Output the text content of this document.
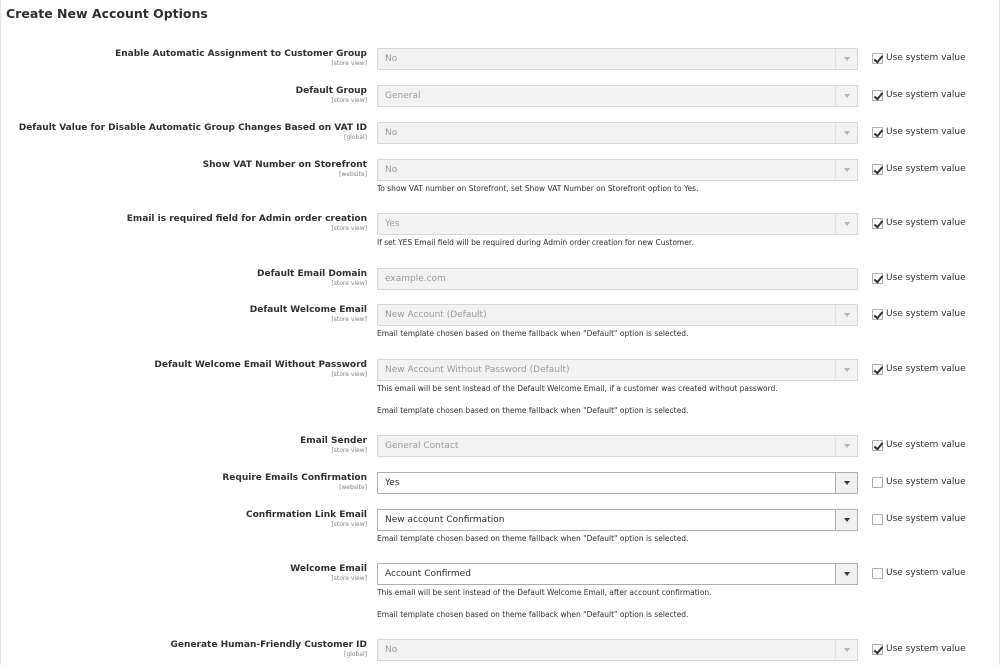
Create New Account Options
Enable Automatic Assignment to Customer Group
[store view] No	Use system value
Default Group
[store view] General	Use system value
Default Value for Disable Automatic Group Changes Based on VAT ID
[global] No	Use system value
Show VAT Number on Storefront
[website] No
To show VAT number on Storefront, set Show VAT Number on Storefront option to Yes.
Use system value
Email is required field for Admin order creation
[store view] Yes
If set YES Email field will be required during Admin order creation for new Customer.
Use system value
Default Email Domain
[store view] example.com	Use system value
Default Welcome Email
[store view] New Account (Default)
Email template chosen based on theme fallback when "Default" option is selected.
Use system value
Default Welcome Email Without Password
[store view] New Account Without Password (Default)
This email will be sent instead of the Default Welcome Email, if a customer was created without password.
Email template chosen based on theme fallback when "Default" option is selected.
Use system value
Email Sender
[store view] General Contact	Use system value
Require Emails Confirmation
[website] Yes	Use system value
Confirmation Link Email
[store view] New account Confirmation
Email template chosen based on theme fallback when "Default" option is selected.
Use system value
Welcome Email
[store view] Account Confirmed
This email will be sent instead of the Default Welcome Email, after account confirmation.
Email template chosen based on theme fallback when "Default" option is selected.
Use system value
Generate Human-Friendly Customer ID
[global] No	Use system value
